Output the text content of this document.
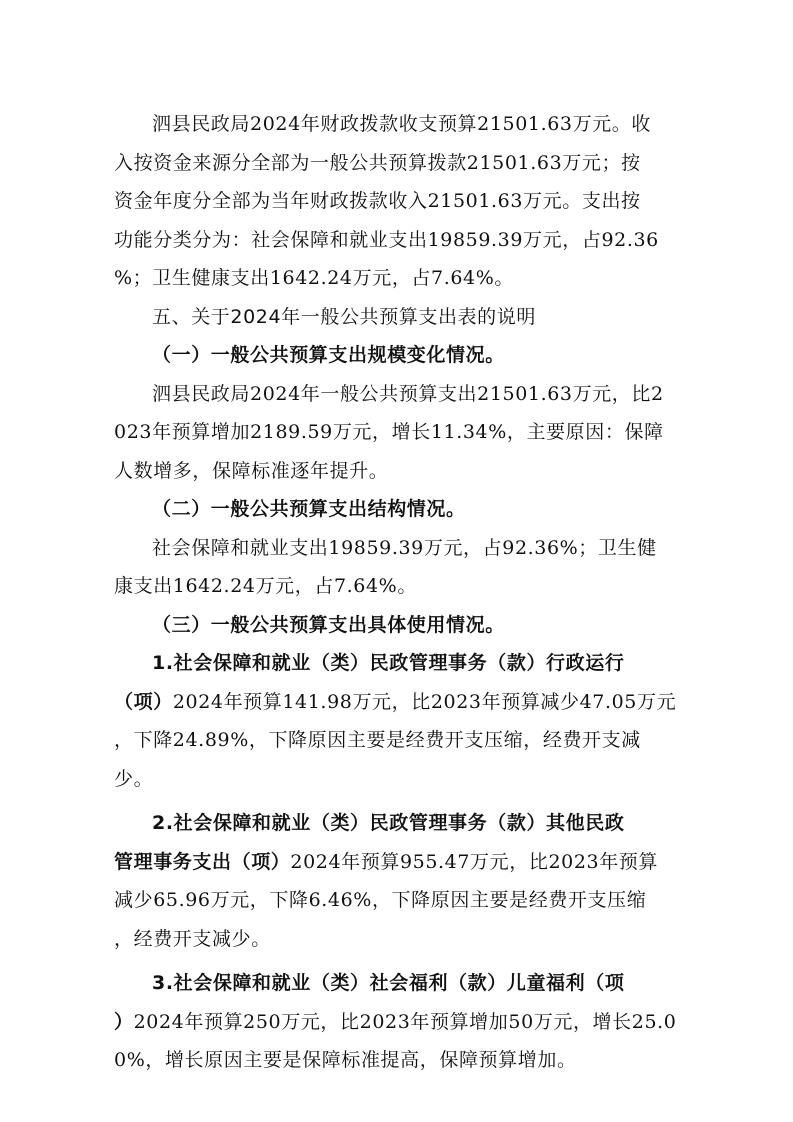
泗县民政局2024年财政拨款收支预算21501.63万元。收
入按资金来源分全部为一般公共预算拨款21501.63万元；按
资金年度分全部为当年财政拨款收入21501.63万元。支出按
功能分类分为：社会保障和就业支出19859.39万元，占92.36
%；卫生健康支出1642.24万元，占7.64%。
五、关于2024年一般公共预算支出表的说明
（一）一般公共预算支出规模变化情况。
泗县民政局2024年一般公共预算支出21501.63万元，比2
023年预算增加2189.59万元，增长11.34%，主要原因：保障
人数增多，保障标准逐年提升。
（二）一般公共预算支出结构情况。
社会保障和就业支出19859.39万元，占92.36%；卫生健
康支出1642.24万元，占7.64%。
（三）一般公共预算支出具体使用情况。
1.社会保障和就业（类）民政管理事务（款）行政运行
（项）2024年预算141.98万元，比2023年预算减少47.05万元
，下降24.89%，下降原因主要是经费开支压缩，经费开支减
少。
2.社会保障和就业（类）民政管理事务（款）其他民政
管理事务支出（项）2024年预算955.47万元，比2023年预算
减少65.96万元，下降6.46%，下降原因主要是经费开支压缩
，经费开支减少。
3.社会保障和就业（类）社会福利（款）儿童福利（项
）2024年预算250万元，比2023年预算增加50万元，增长25.0
0%，增长原因主要是保障标准提高，保障预算增加。
